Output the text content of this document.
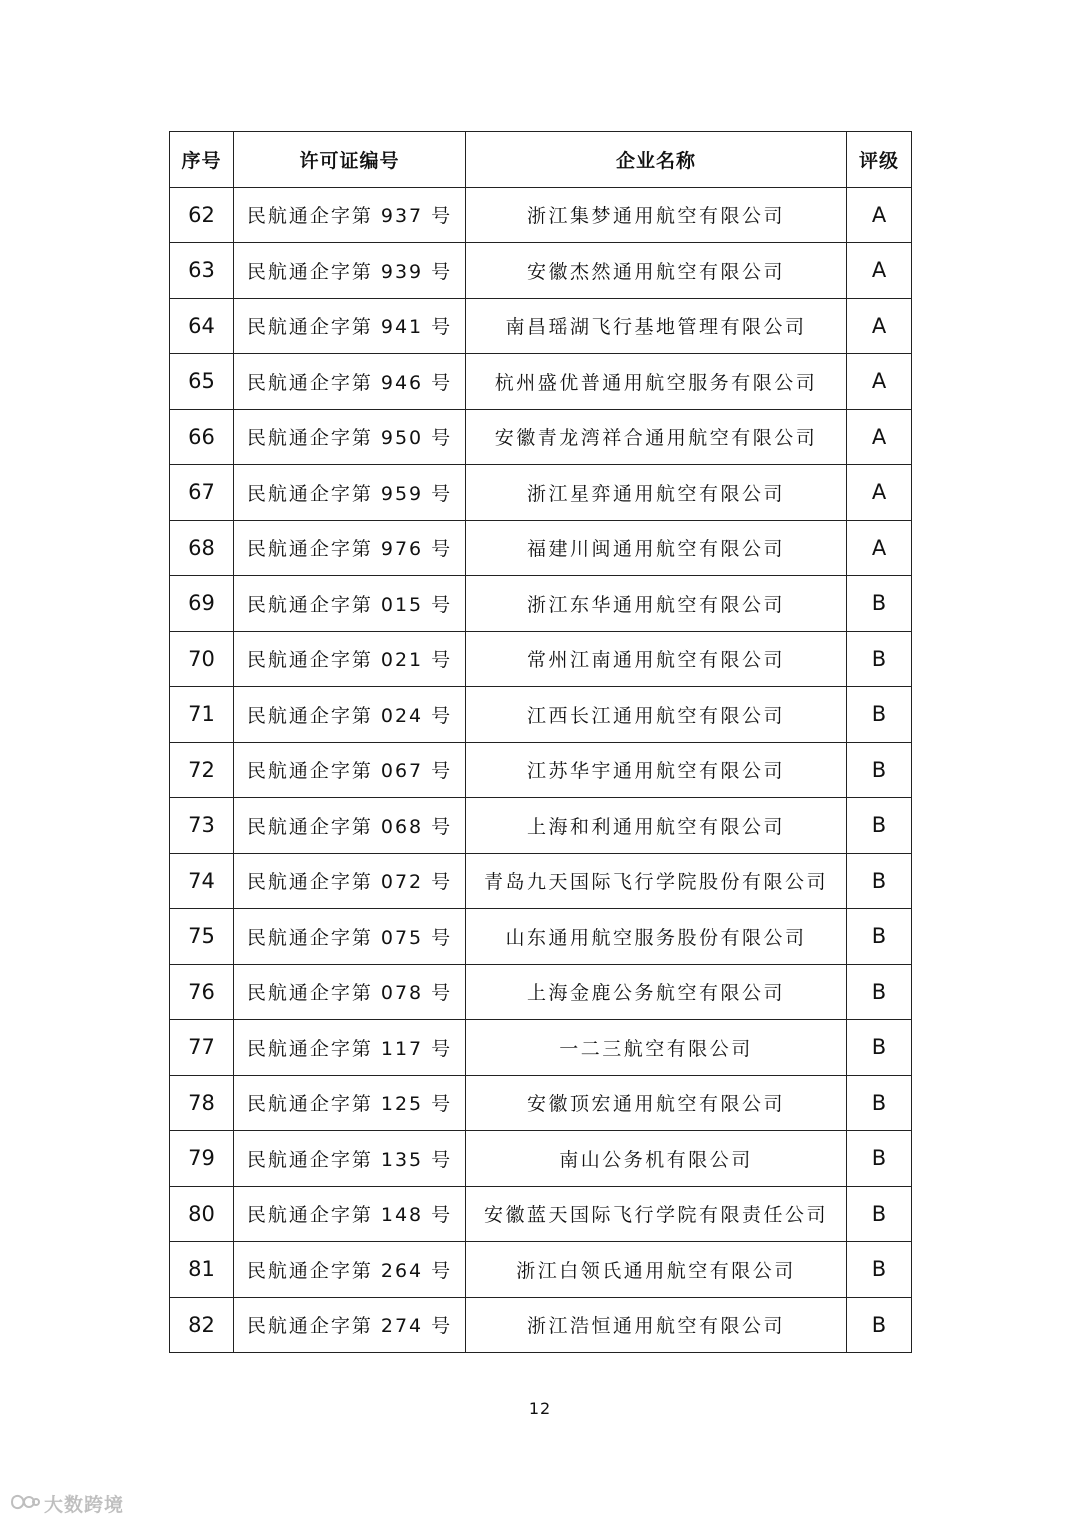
序号	许可证编号	企业名称	评级
62	民航通企字第 937 号	浙江集梦通用航空有限公司	A
63	民航通企字第 939 号	安徽杰然通用航空有限公司	A
64	民航通企字第 941 号	南昌瑶湖飞行基地管理有限公司	A
65	民航通企字第 946 号	杭州盛优普通用航空服务有限公司	A
66	民航通企字第 950 号	安徽青龙湾祥合通用航空有限公司	A
67	民航通企字第 959 号	浙江星弈通用航空有限公司	A
68	民航通企字第 976 号	福建川闽通用航空有限公司	A
69	民航通企字第 015 号	浙江东华通用航空有限公司	B
70	民航通企字第 021 号	常州江南通用航空有限公司	B
71	民航通企字第 024 号	江西长江通用航空有限公司	B
72	民航通企字第 067 号	江苏华宇通用航空有限公司	B
73	民航通企字第 068 号	上海和利通用航空有限公司	B
74	民航通企字第 072 号	青岛九天国际飞行学院股份有限公司	B
75	民航通企字第 075 号	山东通用航空服务股份有限公司	B
76	民航通企字第 078 号	上海金鹿公务航空有限公司	B
77	民航通企字第 117 号	一二三航空有限公司	B
78	民航通企字第 125 号	安徽顶宏通用航空有限公司	B
79	民航通企字第 135 号	南山公务机有限公司	B
80	民航通企字第 148 号	安徽蓝天国际飞行学院有限责任公司	B
81	民航通企字第 264 号	浙江白领氏通用航空有限公司	B
82	民航通企字第 274 号	浙江浩恒通用航空有限公司	B
12
大数跨境
